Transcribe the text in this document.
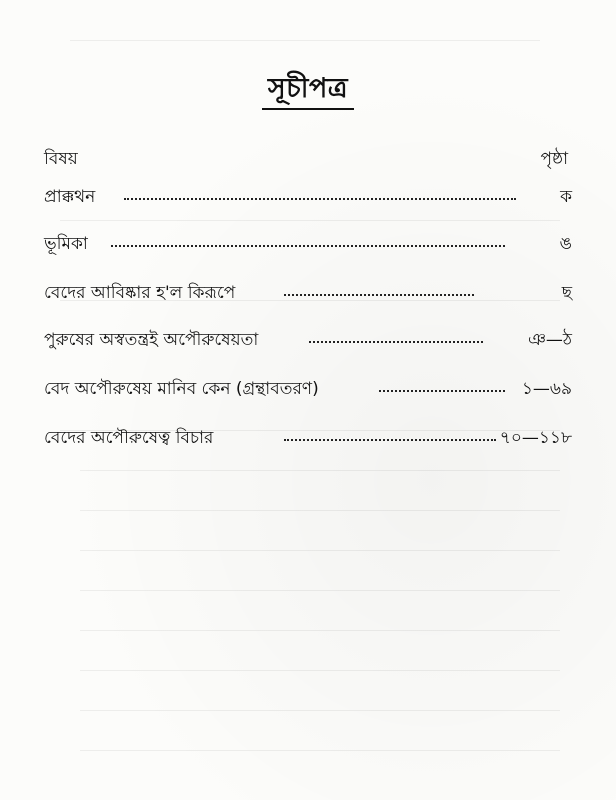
সূচীপত্র
বিষয়	পৃষ্ঠা
প্রাক্কথন	ক
ভূমিকা	ঙ
বেদের আবিষ্কার হ'ল কিরূপে	ছ
পুরুষের অস্বতন্ত্রই অপৌরুষেয়তা	ঞ—ঠ
বেদ অপৌরুষেয় মানিব কেন (গ্রন্থাবতরণ)	১—৬৯
বেদের অপৌরুষেত্ব বিচার	৭০—১১৮
